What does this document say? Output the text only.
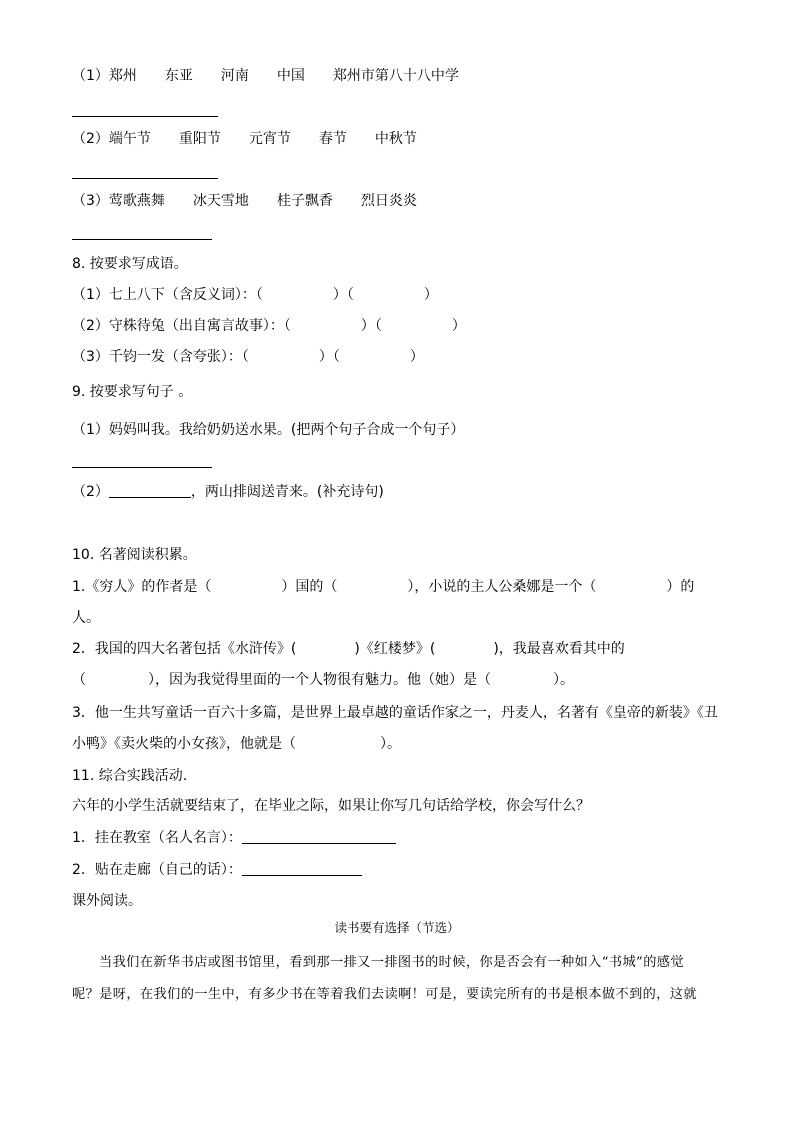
（1）郑州 东亚 河南 中国 郑州市第八十八中学
（2）端午节 重阳节 元宵节 春节 中秋节
（3）莺歌燕舞 冰天雪地 桂子飘香 烈日炎炎
8. 按要求写成语。
（1）七上八下（含反义词）：（	）（	）
（2）守株待兔（出自寓言故事）：（	）（	）
（3）千钧一发（含夸张）：（	）（	）
9. 按要求写句子 。
（1）妈妈叫我。我给奶奶送水果。(把两个句子合成一个句子）
（2）	，两山排闼送青来。(补充诗句)
10. 名著阅读积累。
1.《穷人》的作者是（	）国的（	），小说的主人公桑娜是一个（	）的
人。
2．我国的四大名著包括《水浒传》(	)《红楼梦》(	)，我最喜欢看其中的
（	），因为我觉得里面的一个人物很有魅力。他（她）是（	）。
3．他一生共写童话一百六十多篇，是世界上最卓越的童话作家之一，丹麦人，名著有《皇帝的新装》《丑
小鸭》《卖火柴的小女孩》，他就是（	）。
11. 综合实践活动.
六年的小学生活就要结束了，在毕业之际，如果让你写几句话给学校，你会写什么？
1．挂在教室（名人名言）：
2．贴在走廊（自己的话）：
课外阅读。
读书要有选择（节选）
当我们在新华书店或图书馆里，看到那一排又一排图书的时候，你是否会有一种如入“书城”的感觉
呢？是呀，在我们的一生中，有多少书在等着我们去读啊！可是，要读完所有的书是根本做不到的，这就
